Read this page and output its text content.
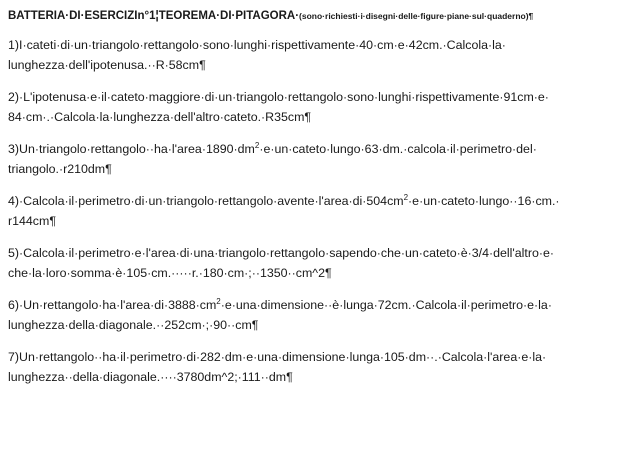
BATTERIA·DI·ESERCIZIn°1¦TEOREMA·DI·PITAGORA·(sono·richiesti·i·disegni·delle·figure·piane·sul·quaderno)¶
1)I·cateti·di·un·triangolo·rettangolo·sono·lunghi·rispettivamente·40·cm·e·42cm.·Calcola·la·
lunghezza·dell'ipotenusa.··R·58cm¶
2)·L'ipotenusa·e·il·cateto·maggiore·di·un·triangolo·rettangolo·sono·lunghi·rispettivamente·91cm·e·
84·cm·.·Calcola·la·lunghezza·dell'altro·cateto.·R35cm¶
$3)Un\cdot triangolo\cdot rettangolo\cdot\cdot ha\cdot l'area\cdot 1890\cdot dm^2\cdot e\cdot un\cdot cateto\cdot lungo\cdot 63\cdot dm.\cdot calcola\cdot il\cdot perimetro\cdot del\cdot$
triangolo.·r210dm¶
$4)\cdot Calcola\cdot il\cdot perimetro\cdot di\cdot un\cdot triangolo\cdot rettangolo\cdot avente\cdot l'area\cdot di\cdot 504cm^2\cdot e\cdot un\cdot cateto\cdot lungo\cdot\cdot 16\cdot cm.\cdot$
r144cm¶
5)·Calcola·il·perimetro·e·l'area·di·una·triangolo·rettangolo·sapendo·che·un·cateto·è·3/4·dell'altro·e·
che·la·loro·somma·è·105·cm.·····r.·180·cm·;··1350··cm^2¶
$6)\cdot Un\cdot rettangolo\cdot ha\cdot l'area\cdot di\cdot 3888\cdot cm^2\cdot e\cdot una\cdot dimensione\cdot\cdot è\cdot lunga\cdot 72cm.\cdot Calcola\cdot il\cdot perimetro\cdot e\cdot la\cdot$
lunghezza·della·diagonale.··252cm·;·90··cm¶
7)Un·rettangolo··ha·il·perimetro·di·282·dm·e·una·dimensione·lunga·105·dm··.·Calcola·l'area·e·la·
lunghezza··della·diagonale.····3780dm^2;·111··dm¶
